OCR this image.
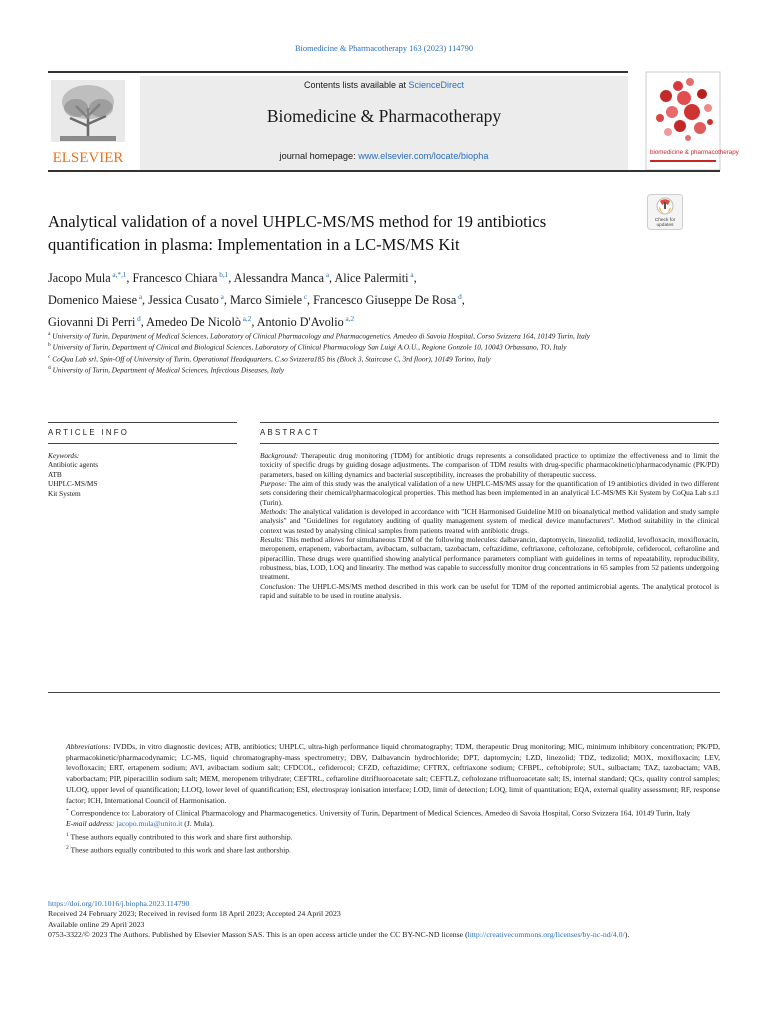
Biomedicine & Pharmacotherapy 163 (2023) 114790
ELSEVIER
Contents lists available at ScienceDirect
Biomedicine & Pharmacotherapy
journal homepage: www.elsevier.com/locate/biopha	biomedicine & pharmacotherapy
Check for
updates
Analytical validation of a novel UHPLC-MS/MS method for 19 antibiotics quantification in plasma: Implementation in a LC-MS/MS Kit
Jacopo Mula $^{a,*,1}$, Francesco Chiara $^{b,1}$, Alessandra Manca $^a$, Alice Palermiti $^a$,
Domenico Maiese $^a$, Jessica Cusato $^a$, Marco Simiele $^c$, Francesco Giuseppe De Rosa $^d$,
Giovanni Di Perri $^d$, Amedeo De Nicolò $^{a,2}$, Antonio D'Avolio $^{a,2}$
$^a$ University of Turin, Department of Medical Sciences, Laboratory of Clinical Pharmacology and Pharmacogenetics. Amedeo di Savoia Hospital, Corso Svizzera 164, 10149 Turin, Italy
$^b$ University of Turin, Department of Clinical and Biological Sciences, Laboratory of Clinical Pharmacology San Luigi A.O.U., Regione Gonzole 10, 10043 Orbassano, TO, Italy
$^c$ CoQua Lab srl, Spin-Off of University of Turin, Operational Headquarters, C.so Svizzera185 bis (Block 3, Staircase C, 3rd floor), 10149 Torino, Italy
$^d$ University of Turin, Department of Medical Sciences, Infectious Diseases, Italy
ARTICLE INFO	ABSTRACT
Keywords:
Antibiotic agents
ATB
UHPLC-MS/MS
Kit System

Background: Therapeutic drug monitoring (TDM) for antibiotic drugs represents a consolidated practice to optimize the effectiveness and to limit the toxicity of specific drugs by guiding dosage adjustments. The comparison of TDM results with drug-specific pharmacokinetic/pharmacodynamic (PK/PD) parameters, based on killing dynamics and bacterial susceptibility, increases the probability of therapeutic success.

Purpose: The aim of this study was the analytical validation of a new UHPLC-MS/MS assay for the quantification of 19 antibiotics divided in two different sets considering their chemical/pharmacological properties. This method has been implemented in an analytical LC-MS/MS Kit System by CoQua Lab s.r.l (Turin).

Methods: The analytical validation is developed in accordance with "ICH Harmonised Guideline M10 on bioanalytical method validation and study sample analysis" and "Guidelines for regulatory auditing of quality management system of medical device manufacturers". Method suitability in the clinical context was tested by analysing clinical samples from patients treated with antibiotic drugs.

Results: This method allows for simultaneous TDM of the following molecules: dalbavancin, daptomycin, linezolid, tedizolid, levofloxacin, moxifloxacin, meropenem, ertapenem, vaborbactam, avibactam, sulbactam, tazobactam, ceftazidime, ceftriaxone, ceftolozane, ceftobiprole, cefiderocol, ceftaroline and piperacillin. These drugs were quantified showing analytical performance parameters compliant with guidelines in terms of repeatability, reproducibility, robustness, bias, LOD, LOQ and linearity. The method was capable to successfully monitor drug concentrations in 65 samples from 52 patients undergoing treatment.

Conclusion: The UHPLC-MS/MS method described in this work can be useful for TDM of the reported antimicrobial agents. The analytical protocol is rapid and suitable to be used in routine analysis.

Abbreviations: IVDDs, in vitro diagnostic devices; ATB, antibiotics; UHPLC, ultra-high performance liquid chromatography; TDM, therapeutic Drug monitoring; MIC, minimum inhibitory concentration; PK/PD, pharmacokinetic/pharmacodynamic; LC-MS, liquid chromatography-mass spectrometry; DBV, Dalbavancin hydrochloride; DPT, daptomycin; LZD, linezolid; TDZ, tedizolid; MOX, moxifloxacin; LEV, levofloxacin; ERT, ertapenem sodium; AVI, avibactam sodium salt; CFDCOL, cefiderocol; CFZD, ceftazidime; CFTRX, ceftriaxone sodium; CFBPL, ceftobiprole; SUL, sulbactam; TAZ, tazobactam; VAB, vaborbactam; PIP, piperacillin sodium salt; MEM, meropenem trihydrate; CEFTRL, ceftaroline ditrifluoroacetate salt; CEFTLZ, ceftolozane trifluoroacetate salt; IS, internal standard; QCs, quality control samples; ULOQ, upper level of quantification; LLOQ, lower level of quantification; ESI, electrospray ionisation interface; LOD, limit of detection; LOQ, limit of quantitation; EQA, external quality assessment; RF, response factor; ICH, International Council of Harmonisation.

* Correspondence to: Laboratory of Clinical Pharmacology and Pharmacogenetics. University of Turin, Department of Medical Sciences, Amedeo di Savoia Hospital, Corso Svizzera 164, 10149 Turin, Italy

E-mail address: jacopo.mula@unito.it (J. Mula).

$^1$ These authors equally contributed to this work and share first authorship.

$^2$ These authors equally contributed to this work and share last authorship.

https://doi.org/10.1016/j.biopha.2023.114790

Received 24 February 2023; Received in revised form 18 April 2023; Accepted 24 April 2023

Available online 29 April 2023

0753-3322/© 2023 The Authors. Published by Elsevier Masson SAS. This is an open access article under the CC BY-NC-ND license (http://creativecommons.org/licenses/by-nc-nd/4.0/).
